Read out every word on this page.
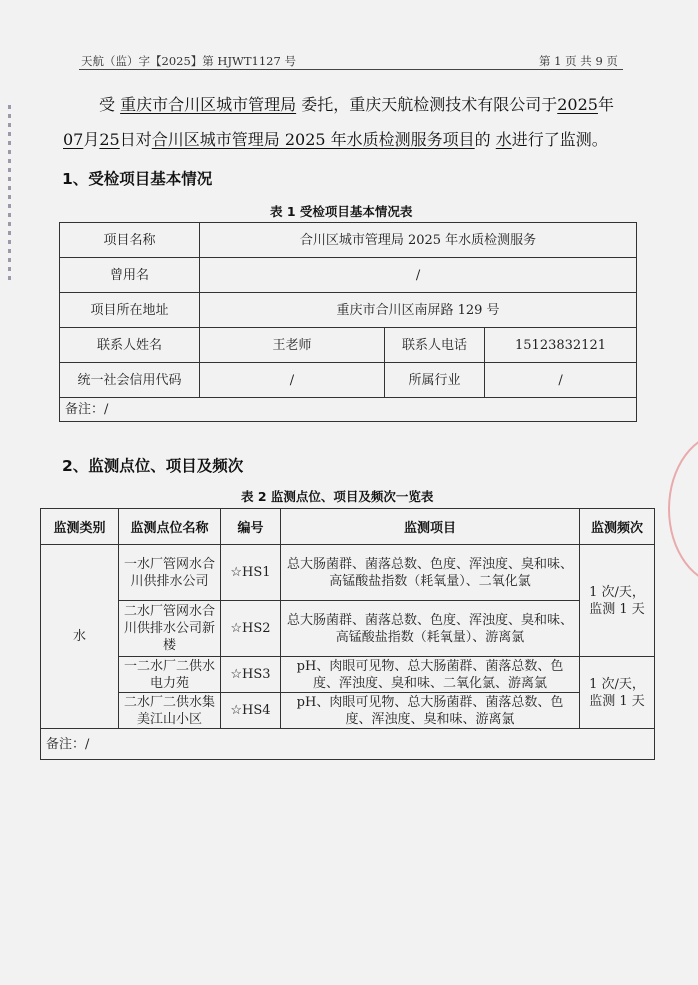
天航（监）字【2025】第 HJWT1127 号	第 1 页 共 9 页
受 重庆市合川区城市管理局 委托，重庆天航检测技术有限公司于2025年
07月25日对合川区城市管理局 2025 年水质检测服务项目的 水进行了监测。
1、受检项目基本情况
表 1 受检项目基本情况表
项目名称	合川区城市管理局 2025 年水质检测服务		
曾用名	/		
项目所在地址	重庆市合川区南屏路 129 号		
联系人姓名	王老师	联系人电话	15123832121
统一社会信用代码	/	所属行业	/
备注：/			
2、监测点位、项目及频次
表 2 监测点位、项目及频次一览表
监测类别	监测点位名称	编号	监测项目	监测频次
水	一水厂管网水合川供排水公司	☆HS1	总大肠菌群、菌落总数、色度、浑浊度、臭和味、高锰酸盐指数（耗氧量）、二氧化氯	1 次/天，监测 1 天
	二水厂管网水合川供排水公司新楼	☆HS2	总大肠菌群、菌落总数、色度、浑浊度、臭和味、高锰酸盐指数（耗氧量）、游离氯	
	一二水厂二供水电力苑	☆HS3	pH、肉眼可见物、总大肠菌群、菌落总数、色度、浑浊度、臭和味、二氧化氯、游离氯	1 次/天，监测 1 天
	二水厂二供水集美江山小区	☆HS4	pH、肉眼可见物、总大肠菌群、菌落总数、色度、浑浊度、臭和味、游离氯	
备注：/				
